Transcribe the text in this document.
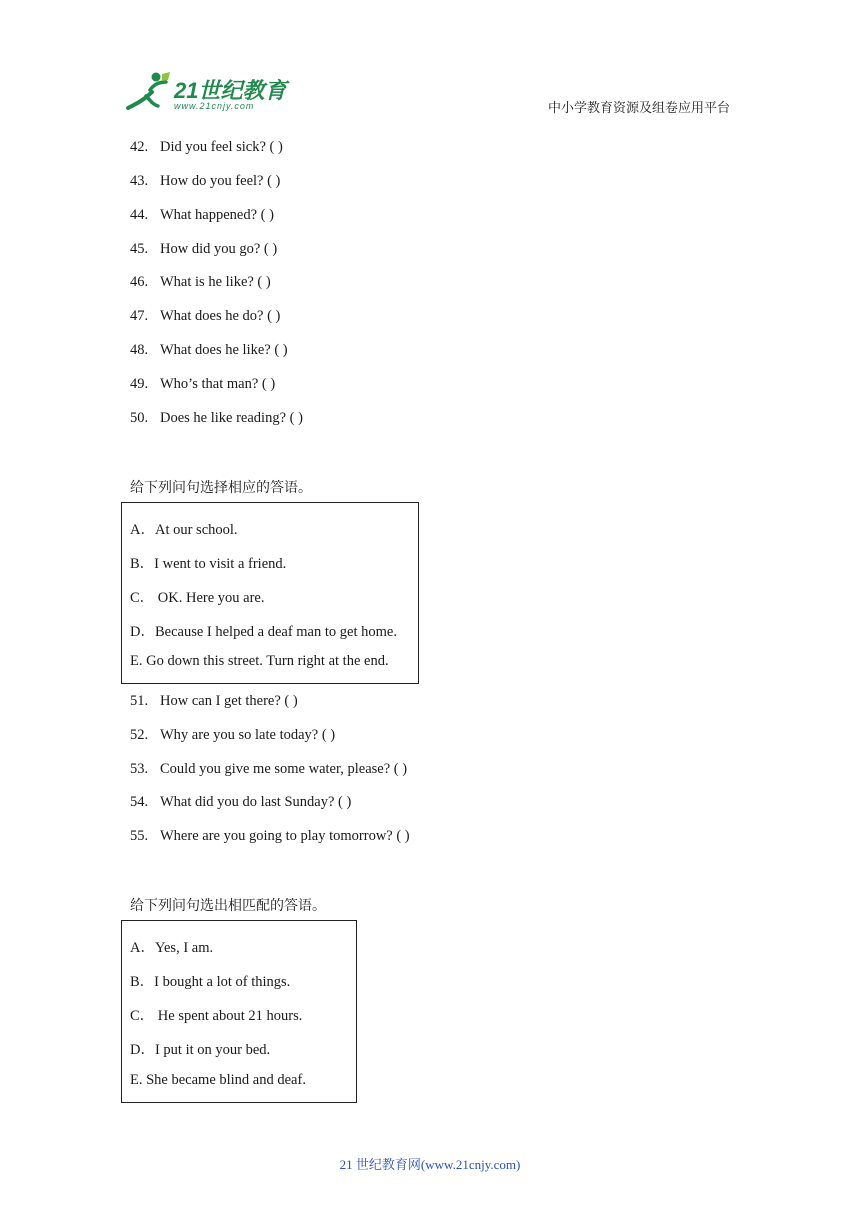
21世纪教育
www.21cnjy.com	中小学教育资源及组卷应用平台
42. Did you feel sick? ( )
43. How do you feel? ( )
44. What happened? ( )
45. How did you go? ( )
46. What is he like? ( )
47. What does he do? ( )
48. What does he like? ( )
49. Who’s that man? ( )
50. Does he like reading? ( )
给下列问句选择相应的答语。
A．At our school.
B．I went to visit a friend.
C． OK. Here you are.
D．Because I helped a deaf man to get home.
E. Go down this street. Turn right at the end.
51. How can I get there? ( )
52. Why are you so late today? ( )
53. Could you give me some water, please? ( )
54. What did you do last Sunday? ( )
55. Where are you going to play tomorrow? ( )
给下列问句选出相匹配的答语。
A．Yes, I am.
B．I bought a lot of things.
C． He spent about 21 hours.
D．I put it on your bed.
E. She became blind and deaf.
21 世纪教育网(www.21cnjy.com)
